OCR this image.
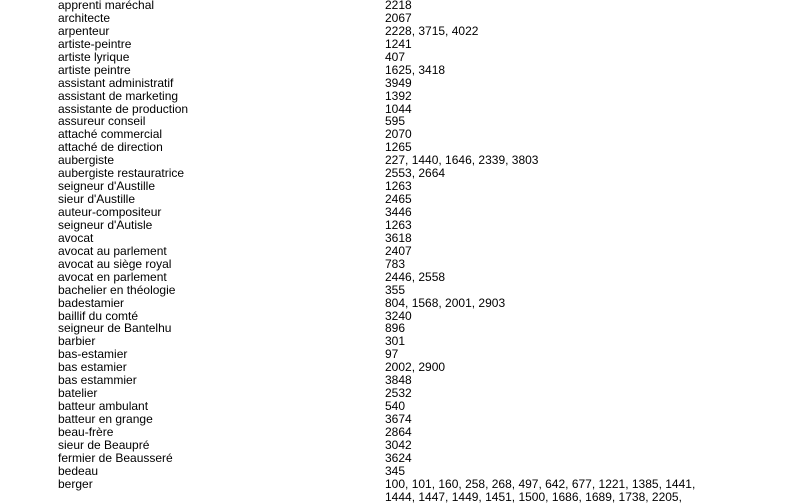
apprenti maréchal	2218
architecte	2067
arpenteur	2228, 3715, 4022
artiste-peintre	1241
artiste lyrique	407
artiste peintre	1625, 3418
assistant administratif	3949
assistant de marketing	1392
assistante de production	1044
assureur conseil	595
attaché commercial	2070
attaché de direction	1265
aubergiste	227, 1440, 1646, 2339, 3803
aubergiste restauratrice	2553, 2664
seigneur d'Austille	1263
sieur d'Austille	2465
auteur-compositeur	3446
seigneur d'Autisle	1263
avocat	3618
avocat au parlement	2407
avocat au siège royal	783
avocat en parlement	2446, 2558
bachelier en théologie	355
badestamier	804, 1568, 2001, 2903
baillif du comté	3240
seigneur de Bantelhu	896
barbier	301
bas-estamier	97
bas estamier	2002, 2900
bas estammier	3848
batelier	2532
batteur ambulant	540
batteur en grange	3674
beau-frère	2864
sieur de Beaupré	3042
fermier de Beausseré	3624
bedeau	345
berger	100, 101, 160, 258, 268, 497, 642, 677, 1221, 1385, 1441,
1444, 1447, 1449, 1451, 1500, 1686, 1689, 1738, 2205,
